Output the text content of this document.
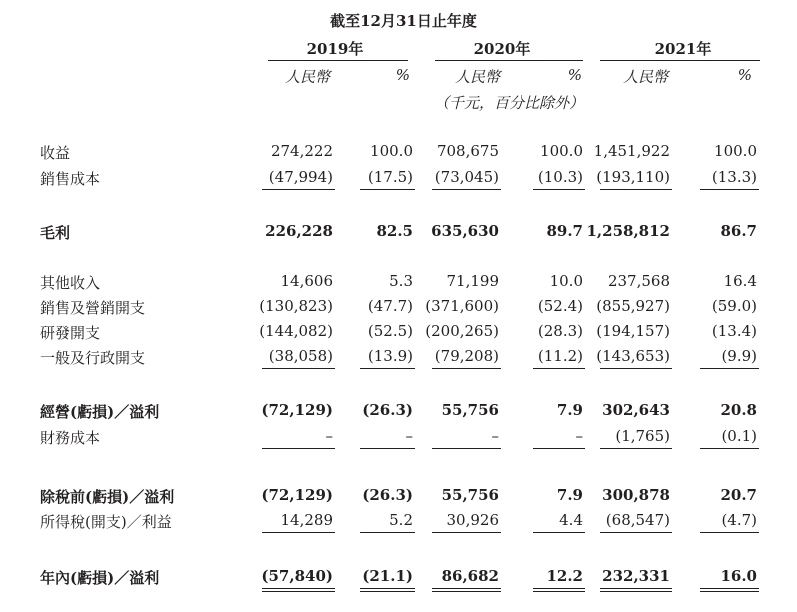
截至12月31日止年度
2019年	2020年	2021年
人民幣	%	人民幣	%	人民幣	%
（千元，百分比除外）
收益	274,222	100.0	708,675	100.0 1,451,922	100.0
銷售成本	(47,994)	(17.5)	(73,045)	(10.3) (193,110)	(13.3)
毛利	226,228	82.5	635,630	89.7 1,258,812	86.7
其他收入	14,606	5.3	71,199	10.0	237,568	16.4
銷售及營銷開支	(130,823)	(47.7) (371,600)	(52.4) (855,927)	(59.0)
研發開支	(144,082)	(52.5) (200,265)	(28.3) (194,157)	(13.4)
一般及行政開支	(38,058)	(13.9)	(79,208)	(11.2) (143,653)	(9.9)
經營(虧損)／溢利	(72,129)	(26.3)	55,756	7.9	302,643	20.8
財務成本	–	–	–	–	(1,765)	(0.1)
除稅前(虧損)／溢利	(72,129)	(26.3)	55,756	7.9	300,878	20.7
所得稅(開支)／利益	14,289	5.2	30,926	4.4	(68,547)	(4.7)
年內(虧損)／溢利	(57,840)	(21.1)	86,682	12.2	232,331	16.0
